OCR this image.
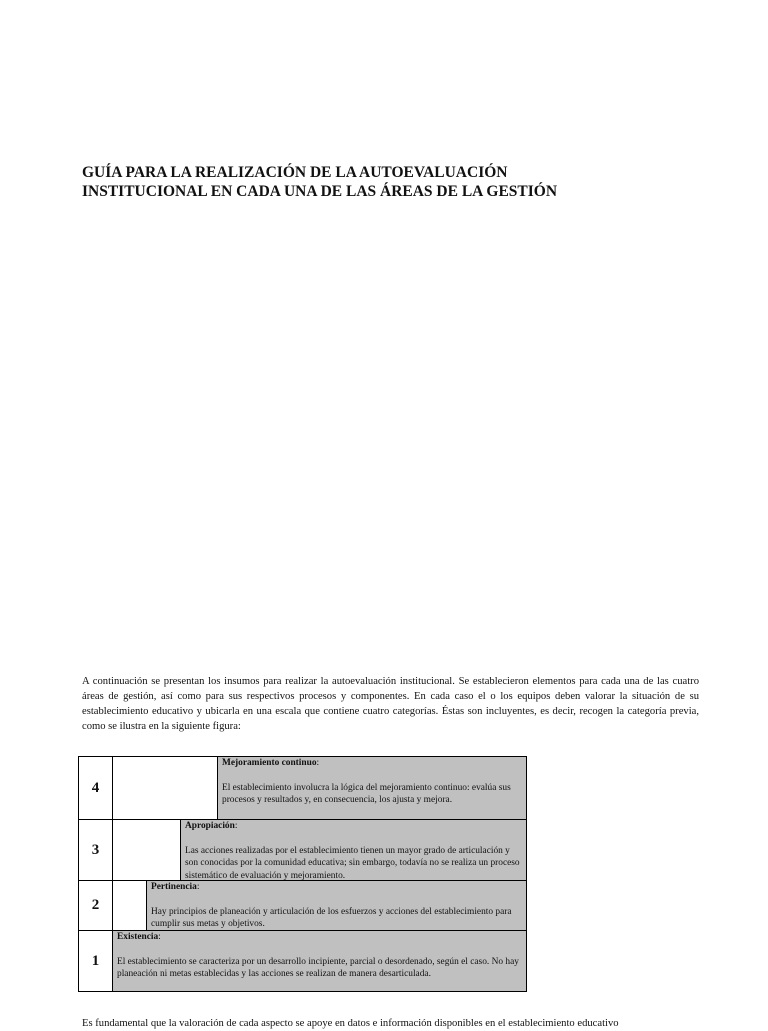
GUÍA PARA LA REALIZACIÓN DE LA AUTOEVALUACIÓN
INSTITUCIONAL EN CADA UNA DE LAS ÁREAS DE LA GESTIÓN

A continuación se presentan los insumos para realizar la autoevaluación institucional. Se establecieron elementos para cada una de las cuatro áreas de gestión, así como para sus respectivos procesos y componentes. En cada caso el o los equipos deben valorar la situación de su establecimiento educativo y ubicarla en una escala que contiene cuatro categorías. Éstas son incluyentes, es decir, recogen la categoría previa, como se ilustra en la siguiente figura:

4
Mejoramiento continuo:
El establecimiento involucra la lógica del mejoramiento continuo: evalúa sus procesos y resultados y, en consecuencia, los ajusta y mejora.
3
Apropiación:
Las acciones realizadas por el establecimiento tienen un mayor grado de articulación y son conocidas por la comunidad educativa; sin embargo, todavía no se realiza un proceso sistemático de evaluación y mejoramiento.
2
Pertinencia:
Hay principios de planeación y articulación de los esfuerzos y acciones del establecimiento para cumplir sus metas y objetivos.
1
Existencia:
El establecimiento se caracteriza por un desarrollo incipiente, parcial o desordenado, según el caso. No hay planeación ni metas establecidas y las acciones se realizan de manera desarticulada.

Es fundamental que la valoración de cada aspecto se apoye en datos e información disponibles en el establecimiento educativo
